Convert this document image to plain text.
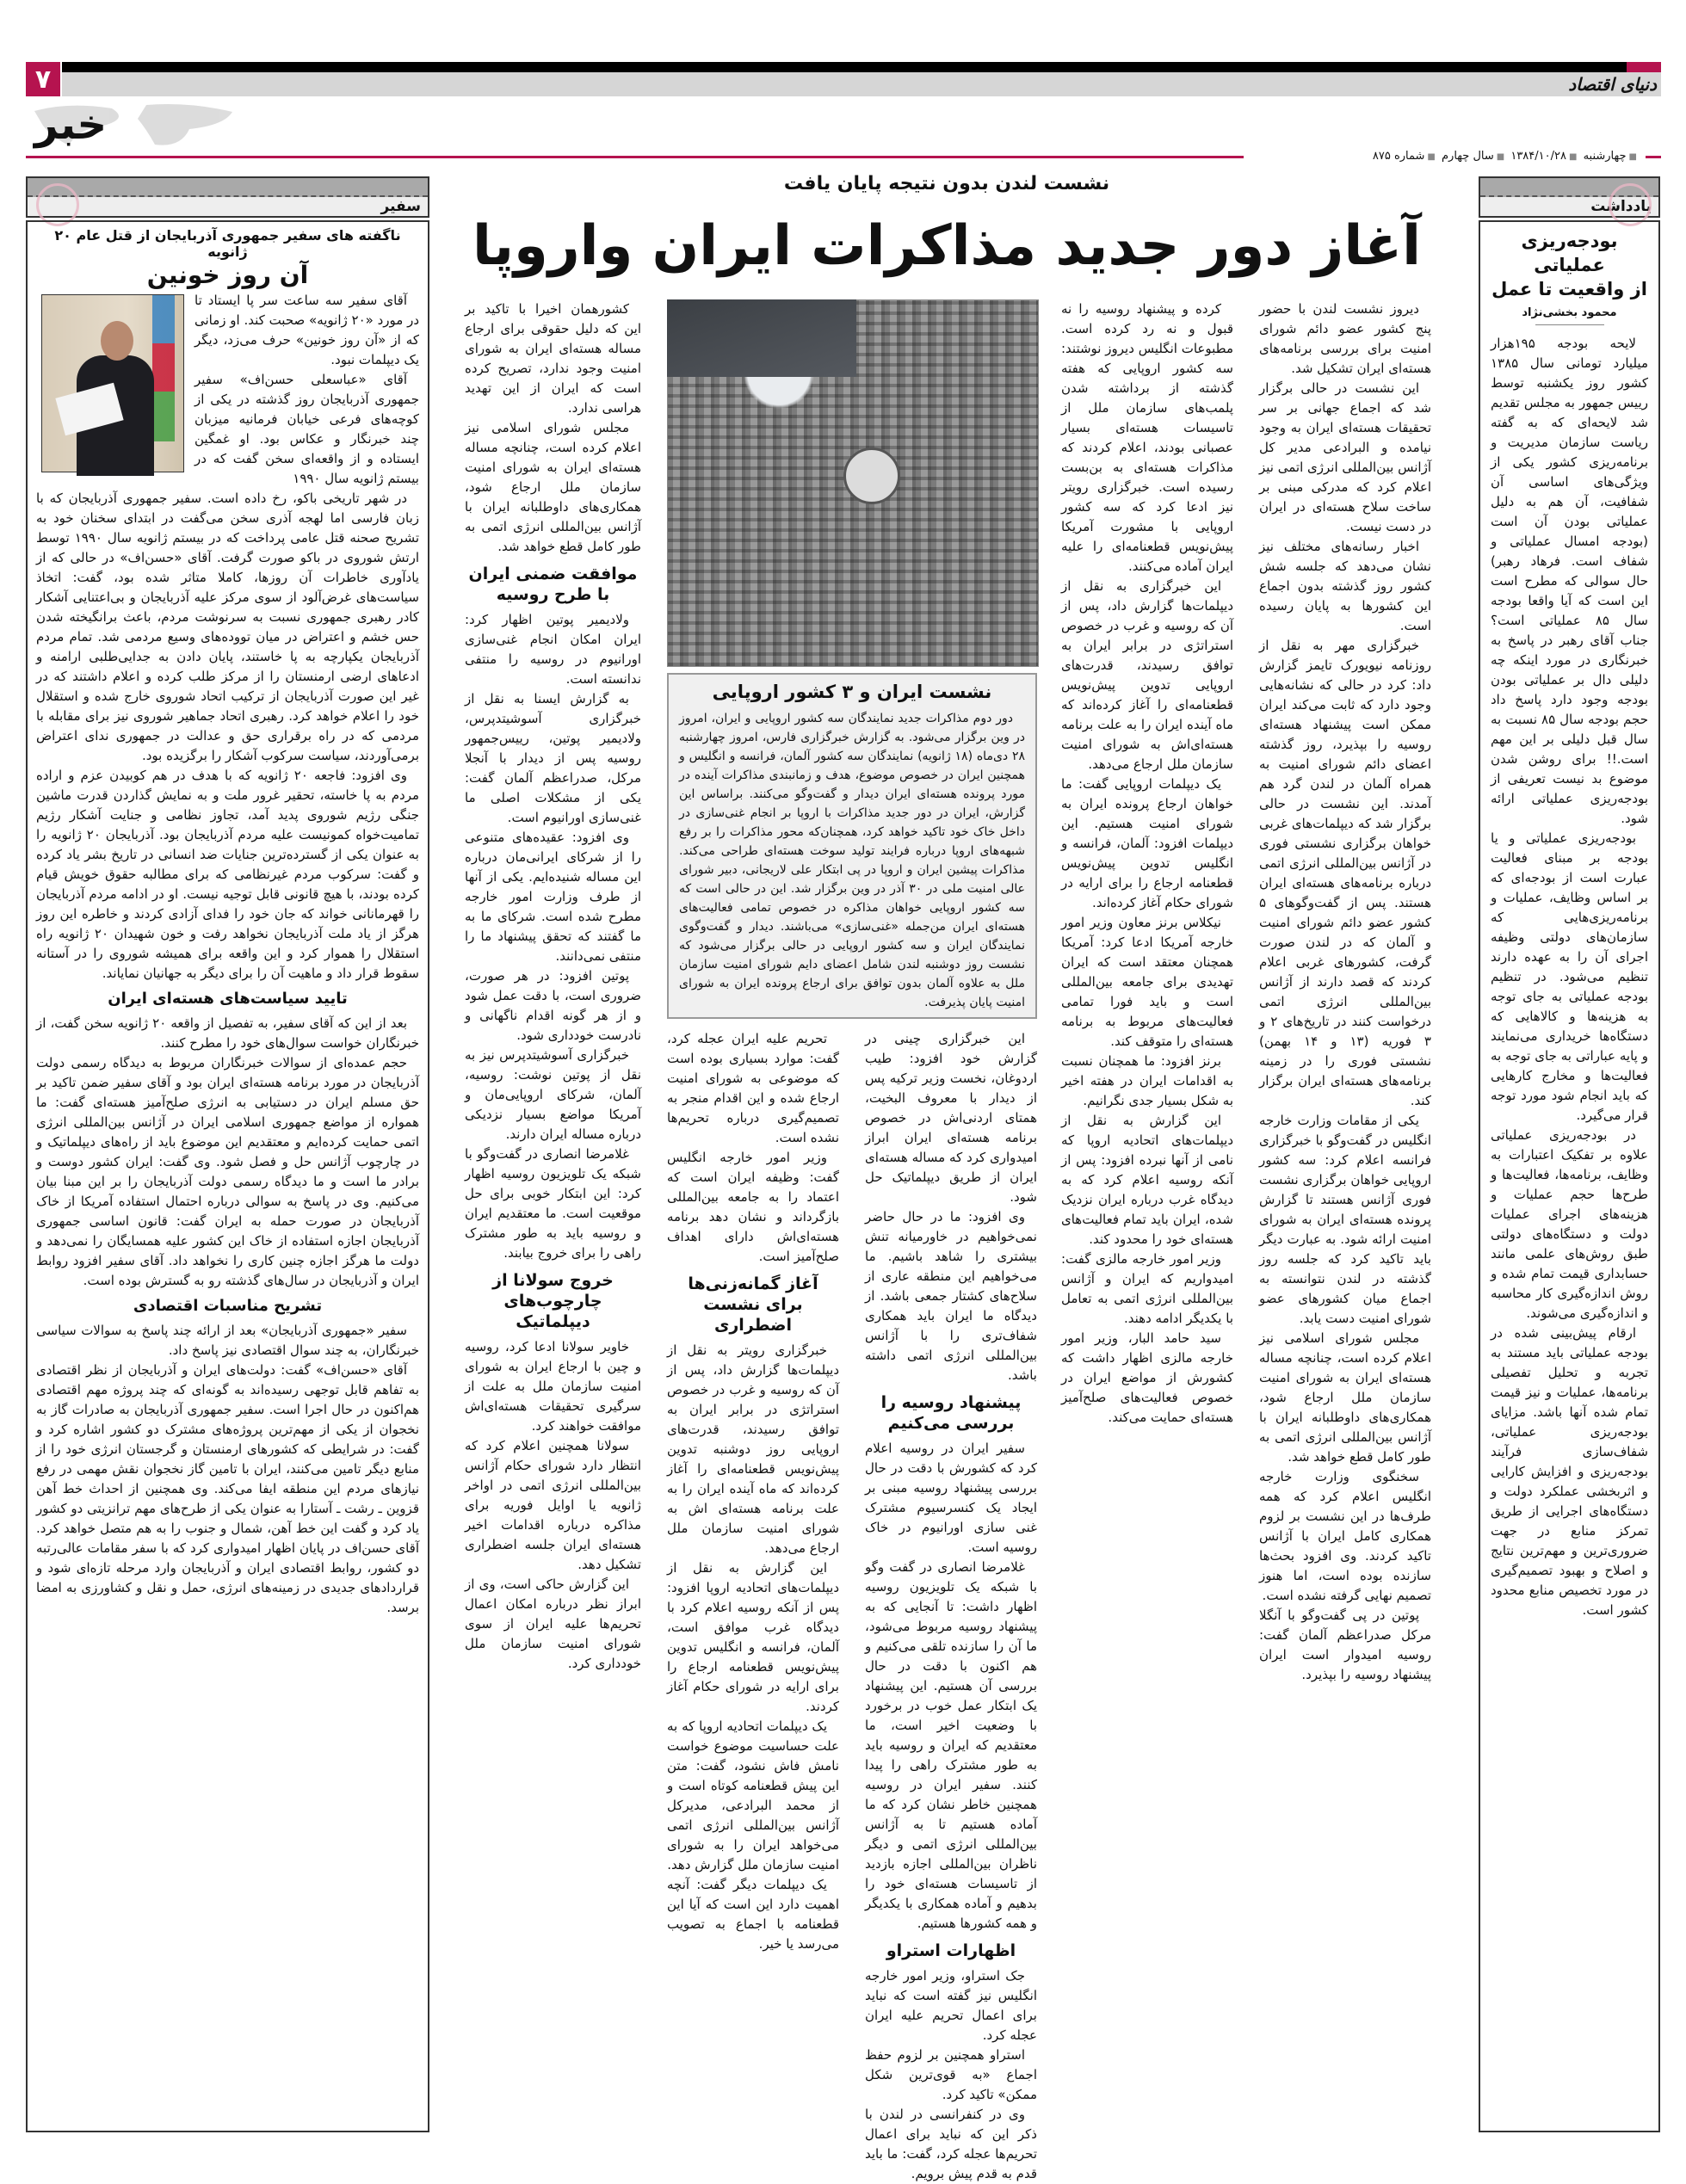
۷	دنیای اقتصاد
خبر
■چهارشنبه ■۱۳۸۴/۱۰/۲۸ ■سال چهارم ■شماره ۸۷۵
سفیر
ناگفته های سفیر جمهوری آذربایجان از قتل عام ۲۰ ژانویه
آن روز خونین

آقای سفیر سه ساعت سر پا ایستاد تا در مورد «۲۰ ژانویه» صحبت کند. او زمانی که از «آن روز خونین» حرف می‌زد، دیگر یک دیپلمات نبود.

آقای «عباسعلی حسن‌اف» سفیر جمهوری آذربایجان روز گذشته در یکی از کوچه‌های فرعی خیابان فرمانیه میزبان چند خبرنگار و عکاس بود. او غمگین ایستاده و از واقعه‌ای سخن گفت که در بیستم ژانویه سال ۱۹۹۰

در شهر تاریخی باکو، رخ داده است. سفیر جمهوری آذربایجان که با زبان فارسی اما لهجه آذری سخن می‌گفت در ابتدای سخنان خود به تشریح صحنه قتل عامی پرداخت که در بیستم ژانویه سال ۱۹۹۰ توسط ارتش شوروی در باکو صورت گرفت. آقای «حسن‌اف» در حالی که از یادآوری خاطرات آن روزها، کاملا متاثر شده بود، گفت: اتخاذ سیاست‌های غرض‌آلود از سوی مرکز علیه آذربایجان و بی‌اعتنایی آشکار کادر رهبری جمهوری نسبت به سرنوشت مردم، باعث برانگیخته شدن حس خشم و اعتراض در میان تووده‌های وسیع مردمی شد. تمام مردم آذربایجان یکپارچه به پا خاستند، پایان دادن به جدایی‌طلبی ارامنه و ادعاهای ارضی ارمنستان را از مرکز طلب کرده و اعلام داشتند که در غیر این صورت آذربایجان از ترکیب اتحاد شوروی خارج شده و استقلال خود را اعلام خواهد کرد. رهبری اتحاد جماهیر شوروی نیز برای مقابله با مردمی که در راه برقراری حق و عدالت در جمهوری ندای اعتراض برمی‌آوردند، سیاست سرکوب آشکار را برگزیده بود.

وی افزود: فاجعه ۲۰ ژانویه که با هدف در هم کوبیدن عزم و اراده مردم به پا خاسته، تحقیر غرور ملت و به نمایش گذاردن قدرت ماشین جنگی رژیم شوروی پدید آمد، تجاوز نظامی و جنایت آشکار رژیم تمامیت‌خواه کمونیست علیه مردم آذربایجان بود. آذربایجان ۲۰ ژانویه را به عنوان یکی از گسترده‌ترین جنایات ضد انسانی در تاریخ بشر یاد کرده و گفت: سرکوب مردم غیرنظامی که برای مطالبه حقوق خویش قیام کرده بودند، با هیچ قانونی قابل توجیه نیست. او در ادامه مردم آذربایجان را قهرمانانی خواند که جان خود را فدای آزادی کردند و خاطره این روز هرگز از یاد ملت آذربایجان نخواهد رفت و خون شهیدان ۲۰ ژانویه راه استقلال را هموار کرد و این واقعه برای همیشه شوروی را در آستانه سقوط قرار داد و ماهیت آن را برای دیگر به جهانیان نمایاند.

تایید سیاست‌های هسته‌ای ایران

بعد از این که آقای سفیر، به تفصیل از واقعه ۲۰ ژانویه سخن گفت، از خبرنگاران خواست سوال‌های خود را مطرح کنند.

حجم عمده‌ای از سوالات خبرنگاران مربوط به دیدگاه رسمی دولت آذربایجان در مورد برنامه هسته‌ای ایران بود و آقای سفیر ضمن تاکید بر حق مسلم ایران در دستیابی به انرژی صلح‌آمیز هسته‌ای گفت: ما همواره از مواضع جمهوری اسلامی ایران در آژانس بین‌المللی انرژی اتمی حمایت کرده‌ایم و معتقدیم این موضوع باید از راه‌های دیپلماتیک و در چارچوب آژانس حل و فصل شود. وی گفت: ایران کشور دوست و برادر ما است و ما دیدگاه رسمی دولت آذربایجان را بر این مبنا بیان می‌کنیم. وی در پاسخ به سوالی درباره احتمال استفاده آمریکا از خاک آذربایجان در صورت حمله به ایران گفت: قانون اساسی جمهوری آذربایجان اجازه استفاده از خاک این کشور علیه همسایگان را نمی‌دهد و دولت ما هرگز اجازه چنین کاری را نخواهد داد. آقای سفیر افزود روابط ایران و آذربایجان در سال‌های گذشته رو به گسترش بوده است.

تشریح مناسبات اقتصادی

سفیر «جمهوری آذربایجان» بعد از ارائه چند پاسخ به سوالات سیاسی خبرنگاران، به چند سوال اقتصادی نیز پاسخ داد.

آقای «حسن‌اف» گفت: دولت‌های ایران و آذربایجان از نظر اقتصادی به تفاهم قابل توجهی رسیده‌اند به گونه‌ای که چند پروژه مهم اقتصادی هم‌اکنون در حال اجرا است. سفیر جمهوری آذربایجان به صادرات گاز به نخجوان از یکی از مهم‌ترین پروژه‌های مشترک دو کشور اشاره کرد و گفت: در شرایطی که کشورهای ارمنستان و گرجستان انرژی خود را از منابع دیگر تامین می‌کنند، ایران با تامین گاز نخجوان نقش مهمی در رفع نیازهای مردم این منطقه ایفا می‌کند. وی همچنین از احداث خط آهن قزوین ـ رشت ـ آستارا به عنوان یکی از طرح‌های مهم ترانزیتی دو کشور یاد کرد و گفت این خط آهن، شمال و جنوب را به هم متصل خواهد کرد. آقای حسن‌اف در پایان اظهار امیدواری کرد که با سفر مقامات عالی‌رتبه دو کشور، روابط اقتصادی ایران و آذربایجان وارد مرحله تازه‌ای شود و قراردادهای جدیدی در زمینه‌های انرژی، حمل و نقل و کشاورزی به امضا برسد.

یادداشت
بودجه‌ریزی عملیاتی
از واقعیت تا عمل
محمود بخشی‌نژاد

لایحه بودجه ۱۹۵هزار میلیارد تومانی سال ۱۳۸۵ کشور روز یکشنبه توسط رییس جمهور به مجلس تقدیم شد لایحه‌ای که به گفته ریاست سازمان مدیریت و برنامه‌ریزی کشور یکی از ویژگی‌های اساسی آن شفافیت، آن هم به دلیل عملیاتی بودن آن است (بودجه امسال عملیاتی و شفاف است. فرهاد رهبر) حال سوالی که مطرح است این است که آیا واقعا بودجه سال ۸۵ عملیاتی است؟ جناب آقای رهبر در پاسخ به خبرنگاری در مورد اینکه چه دلیلی دال بر عملیاتی بودن بودجه وجود دارد پاسخ داد حجم بودجه سال ۸۵ نسبت به سال قبل دلیلی بر این مهم است.!! برای روشن شدن موضوع بد نیست تعریفی از بودجه‌ریزی عملیاتی ارائه شود.

بودجه‌ریزی عملیاتی و یا بودجه بر مبنای فعالیت عبارت است از بودجه‌ای که بر اساس وظایف، عملیات و برنامه‌ریزی‌هایی که سازمان‌های دولتی وظیفه اجرای آن را به عهده دارند تنظیم می‌شود. در تنظیم بودجه عملیاتی به جای توجه به هزینه‌ها و کالاهایی که دستگاه‌ها خریداری می‌نمایند و پایه عباراتی به جای توجه به فعالیت‌ها و مخارج کارهایی که باید انجام شود مورد توجه قرار می‌گیرد.

در بودجه‌ریزی عملیاتی علاوه بر تفکیک اعتبارات به وظایف، برنامه‌ها، فعالیت‌ها و طرح‌ها حجم عملیات و هزینه‌های اجرای عملیات دولت و دستگاه‌های دولتی طبق روش‌های علمی مانند حسابداری قیمت تمام شده و روش اندازه‌گیری کار محاسبه و اندازه‌گیری می‌شوند.

ارقام پیش‌بینی شده در بودجه عملیاتی باید مستند به تجربه و تحلیل تفصیلی برنامه‌ها، عملیات و نیز قیمت تمام شده آنها باشد. مزایای بودجه‌ریزی عملیاتی، شفاف‌سازی فرآیند بودجه‌ریزی و افزایش کارایی و اثربخشی عملکرد دولت و دستگاه‌های اجرایی از طریق تمرکز منابع در جهت ضروری‌ترین و مهم‌ترین نتایج و اصلاح و بهبود تصمیم‌گیری در مورد تخصیص منابع محدود کشور است.

نشست لندن بدون نتیجه پایان یافت
نشست ایران و ۳ کشور اروپایی

دور دوم مذاکرات جدید نمایندگان سه کشور اروپایی و ایران، امروز در وین برگزار می‌شود. به گزارش خبرگزاری فارس، امروز چهارشنبه ۲۸ دی‌ماه (۱۸ ژانویه) نمایندگان سه کشور آلمان، فرانسه و انگلیس و همچنین ایران در خصوص موضوع، هدف و زمانبندی مذاکرات آینده در مورد پرونده هسته‌ای ایران دیدار و گفت‌وگو می‌کنند. براساس این گزارش، ایران در دور جدید مذاکرات با اروپا بر انجام غنی‌سازی در داخل خاک خود تاکید خواهد کرد، همچنان‌که محور مذاکرات را بر رفع شبهه‌های اروپا درباره فرایند تولید سوخت هسته‌ای طراحی می‌کند. مذاکرات پیشین ایران و اروپا در پی ابتکار علی لاریجانی، دبیر شورای عالی امنیت ملی در ۳۰ آذر در وین برگزار شد. این در حالی است که سه کشور اروپایی خواهان مذاکره در خصوص تمامی فعالیت‌های هسته‌ای ایران من‌جمله «غنی‌سازی» می‌باشند. دیدار و گفت‌وگوی نمایندگان ایران و سه کشور اروپایی در حالی برگزار می‌شود که نشست روز دوشنبه لندن شامل اعضای دایم شورای امنیت سازمان ملل به علاوه آلمان بدون توافق برای ارجاع پرونده ایران به شورای امنیت پایان پذیرفت.

دیروز نشست لندن با حضور پنج کشور عضو دائم شورای امنیت برای بررسی برنامه‌های هسته‌ای ایران تشکیل شد.

این نشست در حالی برگزار شد که اجماع جهانی بر سر تحقیقات هسته‌ای ایران به وجود نیامده و البرادعی مدیر کل آژانس بین‌المللی انرژی اتمی نیز اعلام کرد که مدرکی مبنی بر ساخت سلاح هسته‌ای در ایران در دست نیست.

اخبار رسانه‌های مختلف نیز نشان می‌دهد که جلسه شش کشور روز گذشته بدون اجماع این کشورها به پایان رسیده است.

خبرگزاری مهر به نقل از روزنامه نیویورک تایمز گزارش داد: کرد در حالی که نشانه‌هایی وجود دارد که ثابت می‌کند ایران ممکن است پیشنهاد هسته‌ای روسیه را بپذیرد، روز گذشته اعضای دائم شورای امنیت به همراه آلمان در لندن گرد هم آمدند. این نشست در حالی برگزار شد که دیپلمات‌های غربی خواهان برگزاری نشستی فوری در آژانس بین‌المللی انرژی اتمی درباره برنامه‌های هسته‌ای ایران هستند. پس از گفت‌وگوهای ۵ کشور عضو دائم شورای امنیت و آلمان که در لندن صورت گرفت، کشورهای غربی اعلام کردند که قصد دارند از آژانس بین‌المللی انرژی اتمی درخواست کنند در تاریخ‌های ۲ و ۳ فوریه (۱۳ و ۱۴ بهمن) نشستی فوری را در زمینه برنامه‌های هسته‌ای ایران برگزار کند.

یکی از مقامات وزارت خارجه انگلیس در گفت‌وگو با خبرگزاری فرانسه اعلام کرد: سه کشور اروپایی خواهان برگزاری نشست فوری آژانس هستند تا گزارش پرونده هسته‌ای ایران به شورای امنیت ارائه شود. به عبارت دیگر باید تاکید کرد که جلسه روز گذشته در لندن نتوانسته به اجماع میان کشورهای عضو شورای امنیت دست یابد.

مجلس شورای اسلامی نیز اعلام کرده است، چنانچه مساله هسته‌ای ایران به شورای امنیت سازمان ملل ارجاع شود، همکاری‌های داوطلبانه ایران با آژانس بین‌المللی انرژی اتمی به طور کامل قطع خواهد شد.

سخنگوی وزارت خارجه انگلیس اعلام کرد که همه طرف‌ها در این نشست بر لزوم همکاری کامل ایران با آژانس تاکید کردند. وی افزود بحث‌ها سازنده بوده است، اما هنوز تصمیم نهایی گرفته نشده است.

پوتین در پی گفت‌وگو با آنگلا مرکل صدراعظم آلمان گفت: روسیه امیدوار است ایران پیشنهاد روسیه را بپذیرد.

کرده و پیشنهاد روسیه را نه قبول و نه رد کرده است. مطبوعات انگلیس دیروز نوشتند: سه کشور اروپایی که هفته گذشته از برداشته شدن پلمب‌های سازمان ملل از تاسیسات هسته‌ای بسیار عصبانی بودند، اعلام کردند که مذاکرات هسته‌ای به بن‌بست رسیده است. خبرگزاری رویتر نیز ادعا کرد که سه کشور اروپایی با مشورت آمریکا پیش‌نویس قطعنامه‌ای را علیه ایران آماده می‌کنند.

این خبرگزاری به نقل از دیپلمات‌ها گزارش داد، پس از آن که روسیه و غرب در خصوص استراتژی در برابر ایران به توافق رسیدند، قدرت‌های اروپایی تدوین پیش‌نویس قطعنامه‌ای را آغاز کرده‌اند که ماه آینده ایران را به علت برنامه هسته‌ای‌اش به شورای امنیت سازمان ملل ارجاع می‌دهد.

یک دیپلمات اروپایی گفت: ما خواهان ارجاع پرونده ایران به شورای امنیت هستیم. این دیپلمات افزود: آلمان، فرانسه و انگلیس تدوین پیش‌نویس قطعنامه ارجاع را برای ارایه در شورای حکام آغاز کرده‌اند.

نیکلاس برنز معاون وزیر امور خارجه آمریکا ادعا کرد: آمریکا همچنان معتقد است که ایران تهدیدی برای جامعه بین‌المللی است و باید فورا تمامی فعالیت‌های مربوط به برنامه هسته‌ای را متوقف کند.

برنز افزود: ما همچنان نسبت به اقدامات ایران در هفته اخیر به شکل بسیار جدی نگرانیم.

این گزارش به نقل از دیپلمات‌های اتحادیه اروپا که نامی از آنها نبرده افزود: پس از آنکه روسیه اعلام کرد که به دیدگاه غرب درباره ایران نزدیک شده، ایران باید تمام فعالیت‌های هسته‌ای خود را محدود کند.

وزیر امور خارجه مالزی گفت: امیدواریم که ایران و آژانس بین‌المللی انرژی اتمی به تعامل با یکدیگر ادامه دهند.

سید حامد البار، وزیر امور خارجه مالزی اظهار داشت که کشورش از مواضع ایران در خصوص فعالیت‌های صلح‌آمیز هسته‌ای حمایت می‌کند.

این خبرگزاری چینی در گزارش خود افزود: طیب اردوغان، نخست وزیر ترکیه پس از دیدار با معروف البخیت، همتای اردنی‌اش در خصوص برنامه هسته‌ای ایران ابراز امیدواری کرد که مساله هسته‌ای ایران از طریق دیپلماتیک حل شود.

وی افزود: ما در حال حاضر نمی‌خواهیم در خاورمیانه تنش بیشتری را شاهد باشیم. ما می‌خواهیم این منطقه عاری از سلاح‌های کشتار جمعی باشد. از دیدگاه ما ایران باید همکاری شفاف‌تری را با آژانس بین‌المللی انرژی اتمی داشته باشد.

پیشنهاد روسیه را بررسی می‌کنیم

سفیر ایران در روسیه اعلام کرد که کشورش با دقت در حال بررسی پیشنهاد روسیه مبنی بر ایجاد یک کنسرسیوم مشترک غنی سازی اورانیوم در خاک روسیه است.

غلامرضا انصاری در گفت وگو با شبکه یک تلویزیون روسیه اظهار داشت: تا آنجایی که به پیشنهاد روسیه مربوط می‌شود، ما آن را سازنده تلقی می‌کنیم و هم اکنون با دقت در حال بررسی آن هستیم. این پیشنهاد یک ابتکار عمل خوب در برخورد با وضعیت اخیر است، ما معتقدیم که ایران و روسیه باید به طور مشترک راهی را پیدا کنند. سفیر ایران در روسیه همچنین خاطر نشان کرد که ما آماده هستیم تا به آژانس بین‌المللی انرژی اتمی و دیگر ناظران بین‌المللی اجازه بازدید از تاسیسات هسته‌ای خود را بدهیم و آماده همکاری با یکدیگر و همه کشورها هستیم.

اظهارات استراو

جک استراو، وزیر امور خارجه انگلیس نیز گفته است که نباید برای اعمال تحریم علیه ایران عجله کرد.

استراو همچنین بر لزوم حفظ اجماع «به قوی‌ترین شکل ممکن» تاکید کرد.

وی در کنفرانسی در لندن با ذکر این که نباید برای اعمال تحریم‌ها عجله کرد، گفت: ما باید قدم به قدم پیش برویم.

تحریم علیه ایران عجله کرد، گفت: موارد بسیاری بوده است که موضوعی به شورای امنیت ارجاع شده و این اقدام منجر به تصمیم‌گیری درباره تحریم‌ها نشده است.

وزیر امور خارجه انگلیس گفت: وظیفه ایران است که اعتماد را به جامعه بین‌المللی بازگرداند و نشان دهد برنامه هسته‌ای‌اش دارای اهداف صلح‌آمیز است.

آغاز گمانه‌زنی‌ها برای نشست اضطراری

خبرگزاری رویتر به نقل از دیپلمات‌ها گزارش داد، پس از آن که روسیه و غرب در خصوص استراتژی در برابر ایران به توافق رسیدند، قدرت‌های اروپایی روز دوشنبه تدوین پیش‌نویس قطعنامه‌ای را آغاز کرده‌اند که ماه آینده ایران را به علت برنامه هسته‌ای اش به شورای امنیت سازمان ملل ارجاع می‌دهد.

این گزارش به نقل از دیپلمات‌های اتحادیه اروپا افزود: پس از آنکه روسیه اعلام کرد با دیدگاه غرب موافق است، آلمان، فرانسه و انگلیس تدوین پیش‌نویس قطعنامه ارجاع را برای ارایه در شورای حکام آغاز کردند.

یک دیپلمات اتحادیه اروپا که به علت حساسیت موضوع خواست نامش فاش نشود، گفت: متن این پیش قطعنامه کوتاه است و از محمد البرادعی، مدیرکل آژانس بین‌المللی انرژی اتمی می‌خواهد ایران را به شورای امنیت سازمان ملل گزارش دهد.

یک دیپلمات دیگر گفت: آنچه اهمیت دارد این است که آیا این قطعنامه با اجماع به تصویب می‌رسد یا خیر.

کشورهمان اخیرا با تاکید بر این که دلیل حقوقی برای ارجاع مساله هسته‌ای ایران به شورای امنیت وجود ندارد، تصریح کرده است که ایران از این تهدید هراسی ندارد.

مجلس شورای اسلامی نیز اعلام کرده است، چنانچه مساله هسته‌ای ایران به شورای امنیت سازمان ملل ارجاع شود، همکاری‌های داوطلبانه ایران با آژانس بین‌المللی انرژی اتمی به طور کامل قطع خواهد شد.

موافقت ضمنی ایران با طرح روسیه

ولادیمیر پوتین اظهار کرد: ایران امکان انجام غنی‌سازی اورانیوم در روسیه را منتفی ندانسته است.

به گزارش ایسنا به نقل از خبرگزاری آسوشیتدپرس، ولادیمیر پوتین، رییس‌جمهور روسیه پس از دیدار با آنجلا مرکل، صدراعظم آلمان گفت: یکی از مشکلات اصلی ما غنی‌سازی اورانیوم است.

وی افزود: عقیده‌های متنوعی را از شرکای ایرانی‌مان درباره این مساله شنیده‌ایم. یکی از آنها از طرف وزارت امور خارجه مطرح شده است. شرکای ما به ما گفتند که تحقق پیشنهاد ما را منتفی نمی‌دانند.

پوتین افزود: در هر صورت، ضروری است، با دقت عمل شود و از هر گونه اقدام ناگهانی و نادرست خودداری شود.

خبرگزاری آسوشیتدپرس نیز به نقل از پوتین نوشت: روسیه، آلمان، شرکای اروپایی‌مان و آمریکا مواضع بسیار نزدیکی درباره مساله ایران دارند.

غلامرضا انصاری در گفت‌وگو با شبکه یک تلویزیون روسیه اظهار کرد: این ابتکار خوبی برای حل موقعیت است. ما معتقدیم ایران و روسیه باید به طور مشترک راهی را برای خروج بیابند.

خروج سولانا از چارچوب‌های دیپلماتیک

خاویر سولانا ادعا کرد، روسیه و چین با ارجاع ایران به شورای امنیت سازمان ملل به علت از سرگیری تحقیقات هسته‌ای‌اش موافقت خواهند کرد.

سولانا همچنین اعلام کرد که انتظار دارد شورای حکام آژانس بین‌المللی انرژی اتمی در اواخر ژانویه یا اوایل فوریه برای مذاکره درباره اقدامات اخیر هسته‌ای ایران جلسه اضطراری تشکیل دهد.

این گزارش حاکی است، وی از ابراز نظر درباره امکان اعمال تحریم‌ها علیه ایران از سوی شورای امنیت سازمان ملل خودداری کرد.

آغاز دور جدید مذاکرات ایران واروپا
